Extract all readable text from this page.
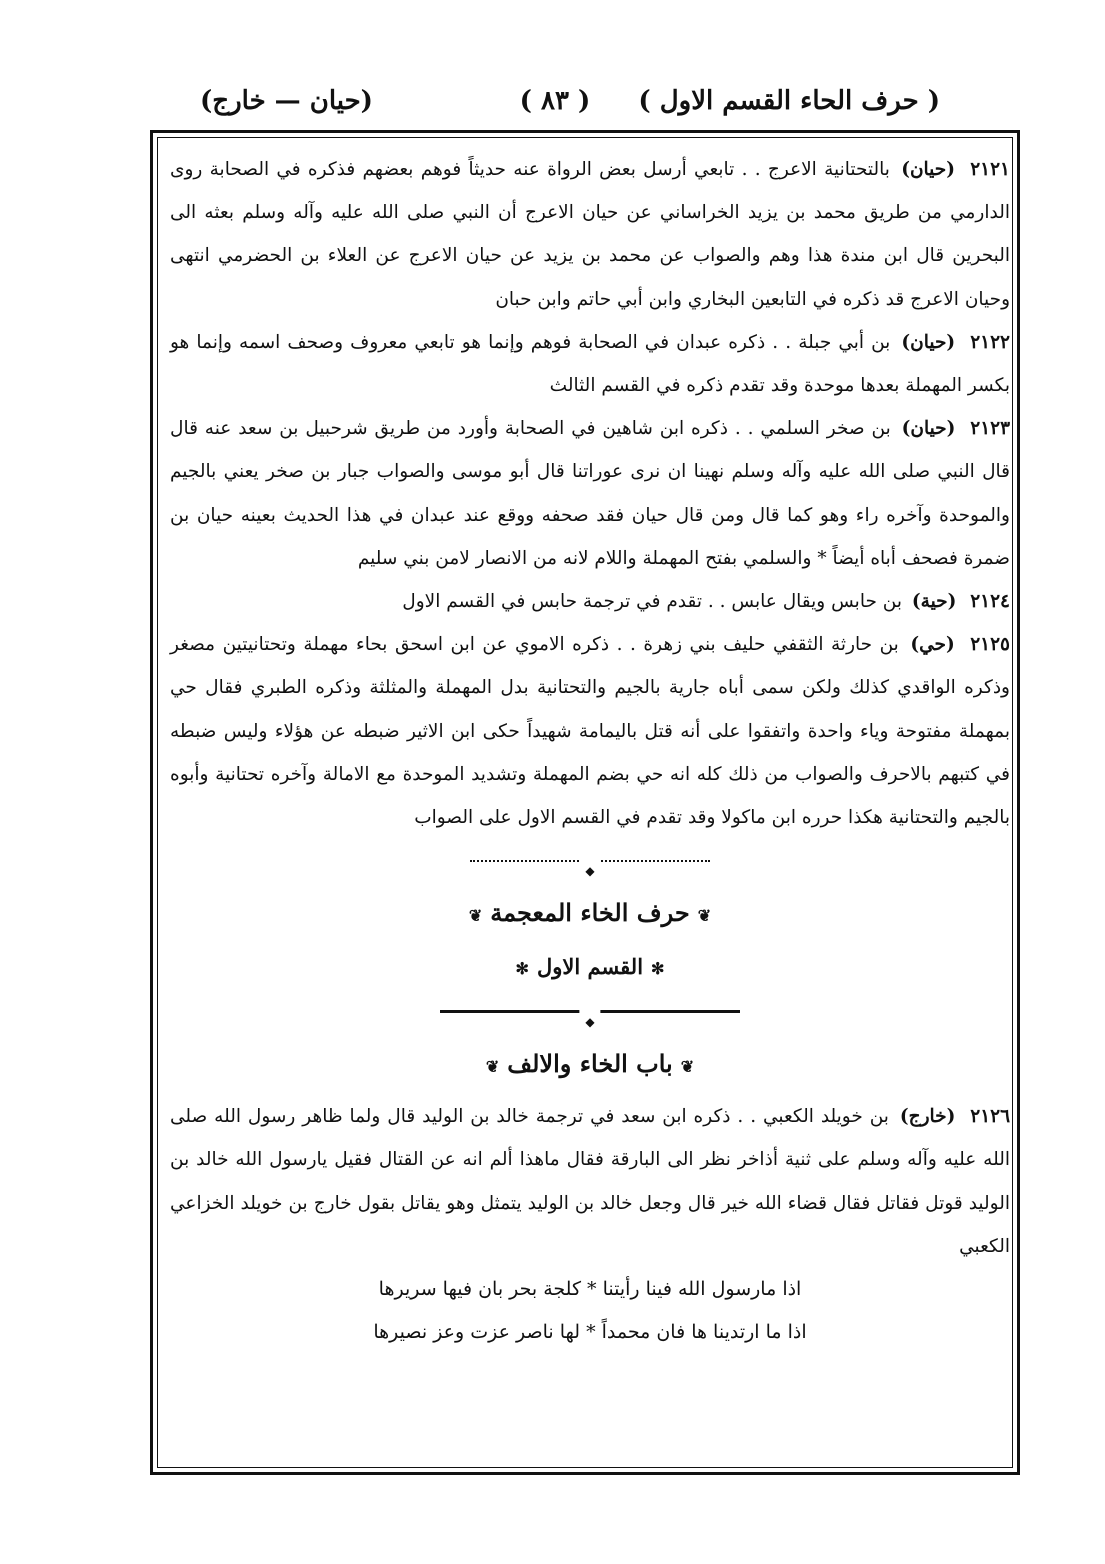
( حرف الحاء القسم الاول )
( ٨٣ )
(حيان — خارج)
٢١٢١ (حيان) بالتحتانية الاعرج . . تابعي أرسل بعض الرواة عنه حديثاً فوهم بعضهم فذكره في الصحابة روى الدارمي من طريق محمد بن يزيد الخراساني عن حيان الاعرج أن النبي صلى الله عليه وآله وسلم بعثه الى البحرين قال ابن مندة هذا وهم والصواب عن محمد بن يزيد عن حيان الاعرج عن العلاء بن الحضرمي انتهى وحيان الاعرج قد ذكره في التابعين البخاري وابن أبي حاتم وابن حبان
٢١٢٢ (حيان) بن أبي جبلة . . ذكره عبدان في الصحابة فوهم وإنما هو تابعي معروف وصحف اسمه وإنما هو بكسر المهملة بعدها موحدة وقد تقدم ذكره في القسم الثالث
٢١٢٣ (حيان) بن صخر السلمي . . ذكره ابن شاهين في الصحابة وأورد من طريق شرحبيل بن سعد عنه قال قال النبي صلى الله عليه وآله وسلم نهينا ان نرى عوراتنا قال أبو موسى والصواب جبار بن صخر يعني بالجيم والموحدة وآخره راء وهو كما قال ومن قال حيان فقد صحفه ووقع عند عبدان في هذا الحديث بعينه حيان بن ضمرة فصحف أباه أيضاً * والسلمي بفتح المهملة واللام لانه من الانصار لامن بني سليم
٢١٢٤ (حية) بن حابس ويقال عابس . . تقدم في ترجمة حابس في القسم الاول
٢١٢٥ (حي) بن حارثة الثقفي حليف بني زهرة . . ذكره الاموي عن ابن اسحق بحاء مهملة وتحتانيتين مصغر وذكره الواقدي كذلك ولكن سمى أباه جارية بالجيم والتحتانية بدل المهملة والمثلثة وذكره الطبري فقال حي بمهملة مفتوحة وياء واحدة واتفقوا على أنه قتل باليمامة شهيداً حكى ابن الاثير ضبطه عن هؤلاء وليس ضبطه في كتبهم بالاحرف والصواب من ذلك كله انه حي بضم المهملة وتشديد الموحدة مع الامالة وآخره تحتانية وأبوه بالجيم والتحتانية هكذا حرره ابن ماكولا وقد تقدم في القسم الاول على الصواب
◆
❦حرف الخاء المعجمة❦
✻القسم الاول✻
◆
❦باب الخاء والالف❦
٢١٢٦ (خارج) بن خويلد الكعبي . . ذكره ابن سعد في ترجمة خالد بن الوليد قال ولما ظاهر رسول الله صلى الله عليه وآله وسلم على ثنية أذاخر نظر الى البارقة فقال ماهذا ألم انه عن القتال فقيل يارسول الله خالد بن الوليد قوتل فقاتل فقال قضاء الله خير قال وجعل خالد بن الوليد يتمثل وهو يقاتل بقول خارج بن خويلد الخزاعي الكعبي
اذا مارسول الله فينا رأيتنا * كلجة بحر بان فيها سريرها
اذا ما ارتدينا ها فان محمداً * لها ناصر عزت وعز نصيرها
